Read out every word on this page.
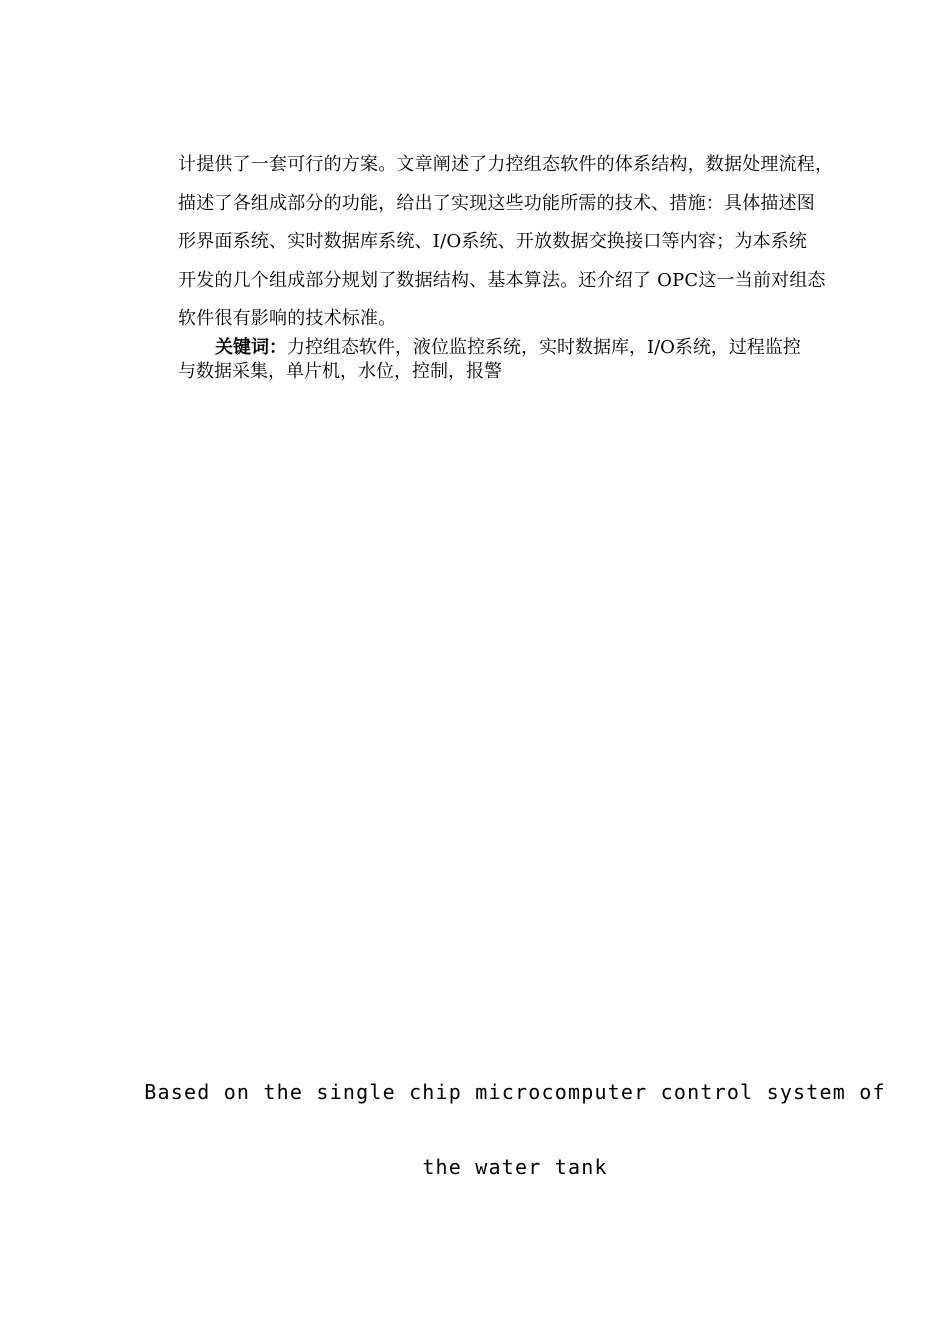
计提供了一套可行的方案。文章阐述了力控组态软件的体系结构，数据处理流程，
描述了各组成部分的功能，给出了实现这些功能所需的技术、措施：具体描述图
形界面系统、实时数据库系统、I/O系统、开放数据交换接口等内容；为本系统
开发的几个组成部分规划了数据结构、基本算法。还介绍了 OPC这一当前对组态
软件很有影响的技术标准。
关键词：力控组态软件，液位监控系统，实时数据库，I/O系统，过程监控
与数据采集，单片机，水位，控制，报警
Based on the single chip microcomputer control system of
the water tank
